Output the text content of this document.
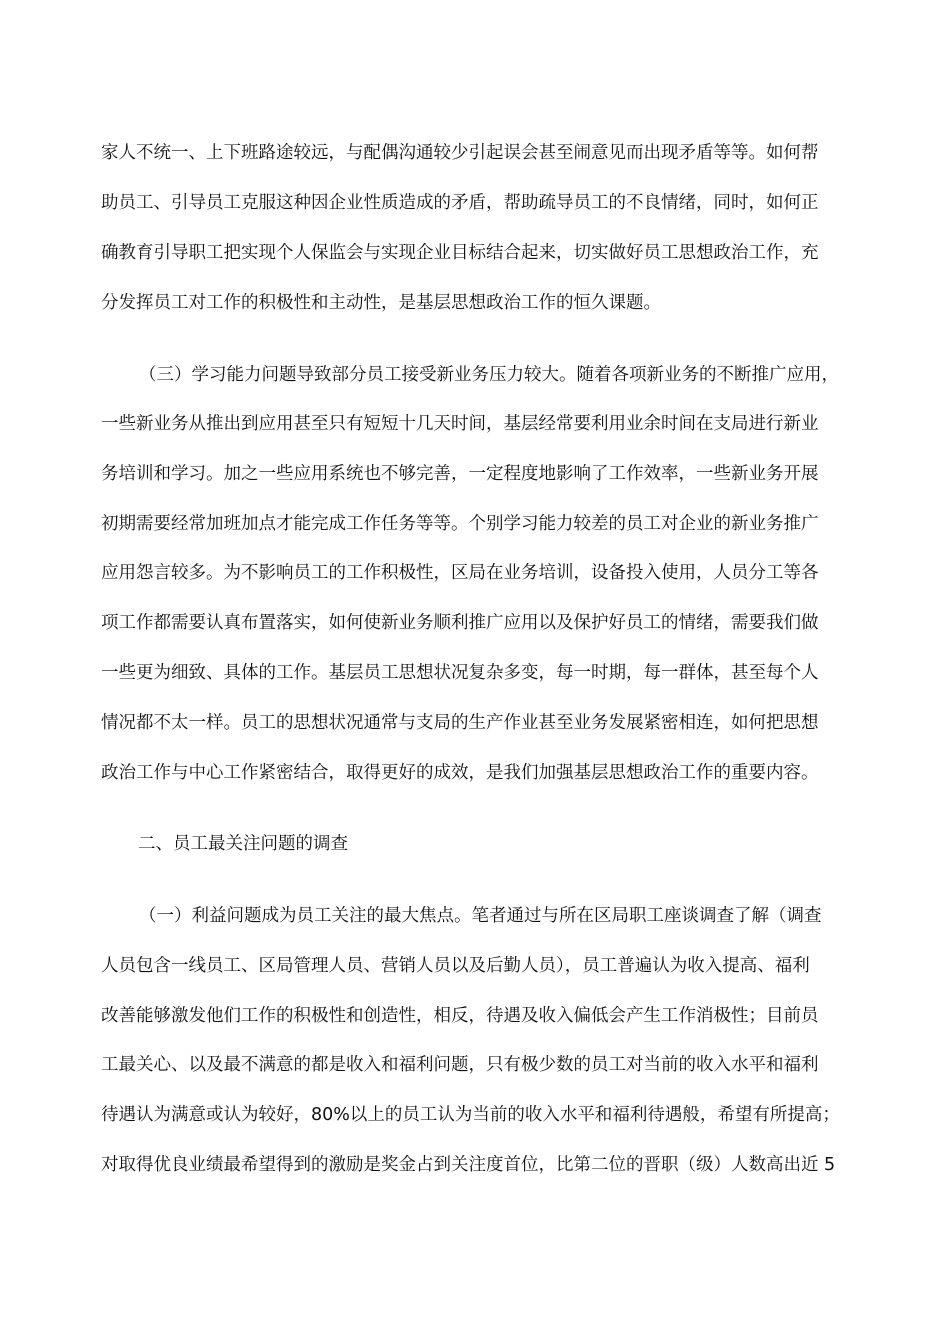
家人不统一、上下班路途较远，与配偶沟通较少引起误会甚至闹意见而出现矛盾等等。如何帮

助员工、引导员工克服这种因企业性质造成的矛盾，帮助疏导员工的不良情绪，同时，如何正

确教育引导职工把实现个人保监会与实现企业目标结合起来，切实做好员工思想政治工作，充

分发挥员工对工作的积极性和主动性，是基层思想政治工作的恒久课题。

（三）学习能力问题导致部分员工接受新业务压力较大。随着各项新业务的不断推广应用，

一些新业务从推出到应用甚至只有短短十几天时间，基层经常要利用业余时间在支局进行新业

务培训和学习。加之一些应用系统也不够完善，一定程度地影响了工作效率，一些新业务开展

初期需要经常加班加点才能完成工作任务等等。个别学习能力较差的员工对企业的新业务推广

应用怨言较多。为不影响员工的工作积极性，区局在业务培训，设备投入使用，人员分工等各

项工作都需要认真布置落实，如何使新业务顺利推广应用以及保护好员工的情绪，需要我们做

一些更为细致、具体的工作。基层员工思想状况复杂多变，每一时期，每一群体，甚至每个人

情况都不太一样。员工的思想状况通常与支局的生产作业甚至业务发展紧密相连，如何把思想

政治工作与中心工作紧密结合，取得更好的成效，是我们加强基层思想政治工作的重要内容。

二、员工最关注问题的调查

（一）利益问题成为员工关注的最大焦点。笔者通过与所在区局职工座谈调查了解（调查

人员包含一线员工、区局管理人员、营销人员以及后勤人员），员工普遍认为收入提高、福利

改善能够激发他们工作的积极性和创造性，相反，待遇及收入偏低会产生工作消极性；目前员

工最关心、以及最不满意的都是收入和福利问题，只有极少数的员工对当前的收入水平和福利

待遇认为满意或认为较好，80%以上的员工认为当前的收入水平和福利待遇般，希望有所提高；

对取得优良业绩最希望得到的激励是奖金占到关注度首位，比第二位的晋职（级）人数高出近 5
